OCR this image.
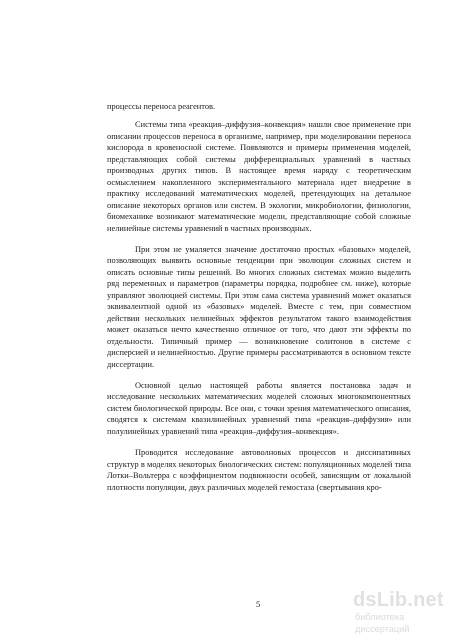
процессы переноса реагентов.

Системы типа «реакция–диффузия–конвекция» нашли свое применение при описании процессов переноса в организме, например, при моделировании переноса кислорода в кровеносной системе. Появляются и примеры применения моделей, представляющих собой системы дифференциальных уравнений в частных производных других типов. В настоящее время наряду с теоретическим осмыслением накопленного экспериментального материала идет внедрение в практику исследований математических моделей, претендующих на детальное описание некоторых органов или систем. В экологии, микробиологии, физиологии, биомеханике возникают математические модели, представляющие собой сложные нелинейные системы уравнений в частных производных.

При этом не умаляется значение достаточно простых «базовых» моделей, позволяющих выявить основные тенденции при эволюции сложных систем и описать основные типы решений. Во многих сложных системах можно выделить ряд переменных и параметров (параметры порядка, подробнее см. ниже), которые управляют эволюцией системы. При этом сама система уравнений может оказаться эквивалентной одной из «базовых» моделей. Вместе с тем, при совместном действии нескольких нелинейных эффектов результатом такого взаимодействия может оказаться нечто качественно отличное от того, что дают эти эффекты по отдельности. Типичный пример — возникновение солитонов в системе с дисперсией и нелинейностью. Другие примеры рассматриваются в основном тексте диссертации.

Основной целью настоящей работы является постановка задач и исследование нескольких математических моделей сложных многокомпонентных систем биологической природы. Все они, с точки зрения математического описания, сводятся к системам квазилинейных уравнений типа «реакция–диффузия» или полулинейных уравнений типа «реакция–диффузия–конвекция».

Проводится исследование автоволновых процессов и диссипативных структур в моделях некоторых биологических систем: популяционных моделей типа Лотки–Вольтерра с коэффициентом подвижности особей, зависящим от локальной плотности популяции, двух различных моделей гемостаза (свертывания кро-

5	dsLib.net
библиотека диссертаций
